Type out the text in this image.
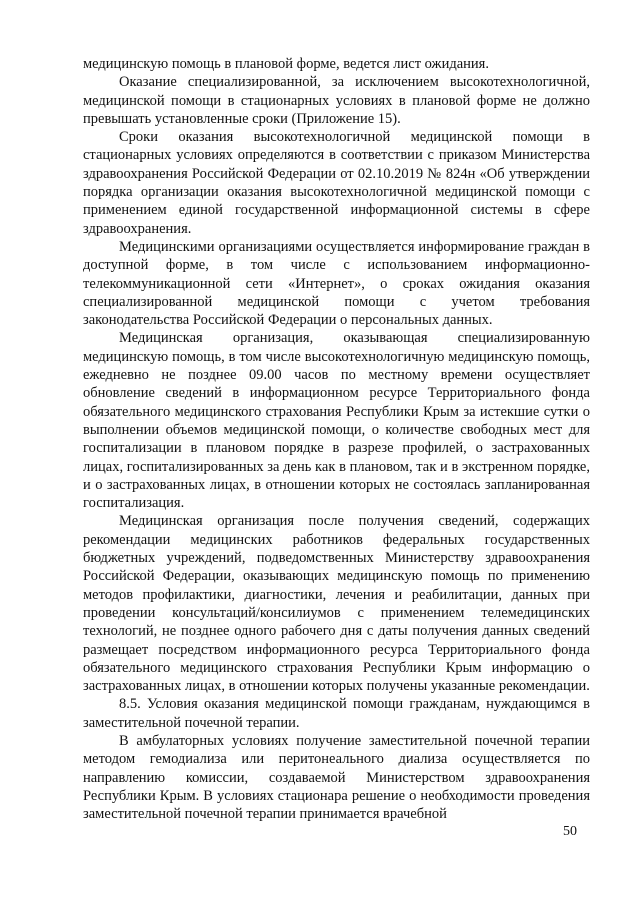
медицинскую помощь в плановой форме, ведется лист ожидания.

Оказание специализированной, за исключением высокотехнологичной, медицинской помощи в стационарных условиях в плановой форме не должно превышать установленные сроки (Приложение 15).

Сроки оказания высокотехнологичной медицинской помощи в стационарных условиях определяются в соответствии с приказом Министерства здравоохранения Российской Федерации от 02.10.2019 № 824н «Об утверждении порядка организации оказания высокотехнологичной медицинской помощи с применением единой государственной информационной системы в сфере здравоохранения.

Медицинскими организациями осуществляется информирование граждан в доступной форме, в том числе с использованием информационно-телекоммуникационной сети «Интернет», о сроках ожидания оказания специализированной медицинской помощи с учетом требования законодательства Российской Федерации о персональных данных.

Медицинская организация, оказывающая специализированную медицинскую помощь, в том числе высокотехнологичную медицинскую помощь, ежедневно не позднее 09.00 часов по местному времени осуществляет обновление сведений в информационном ресурсе Территориального фонда обязательного медицинского страхования Республики Крым за истекшие сутки о выполнении объемов медицинской помощи, о количестве свободных мест для госпитализации в плановом порядке в разрезе профилей, о застрахованных лицах, госпитализированных за день как в плановом, так и в экстренном порядке, и о застрахованных лицах, в отношении которых не состоялась запланированная госпитализация.

Медицинская организация после получения сведений, содержащих рекомендации медицинских работников федеральных государственных бюджетных учреждений, подведомственных Министерству здравоохранения Российской Федерации, оказывающих медицинскую помощь по применению методов профилактики, диагностики, лечения и реабилитации, данных при проведении консультаций/консилиумов с применением телемедицинских технологий, не позднее одного рабочего дня с даты получения данных сведений размещает посредством информационного ресурса Территориального фонда обязательного медицинского страхования Республики Крым информацию о застрахованных лицах, в отношении которых получены указанные рекомендации.

8.5. Условия оказания медицинской помощи гражданам, нуждающимся в заместительной почечной терапии.

В амбулаторных условиях получение заместительной почечной терапии методом гемодиализа или перитонеального диализа осуществляется по направлению комиссии, создаваемой Министерством здравоохранения Республики Крым. В условиях стационара решение о необходимости проведения заместительной почечной терапии принимается врачебной

50
